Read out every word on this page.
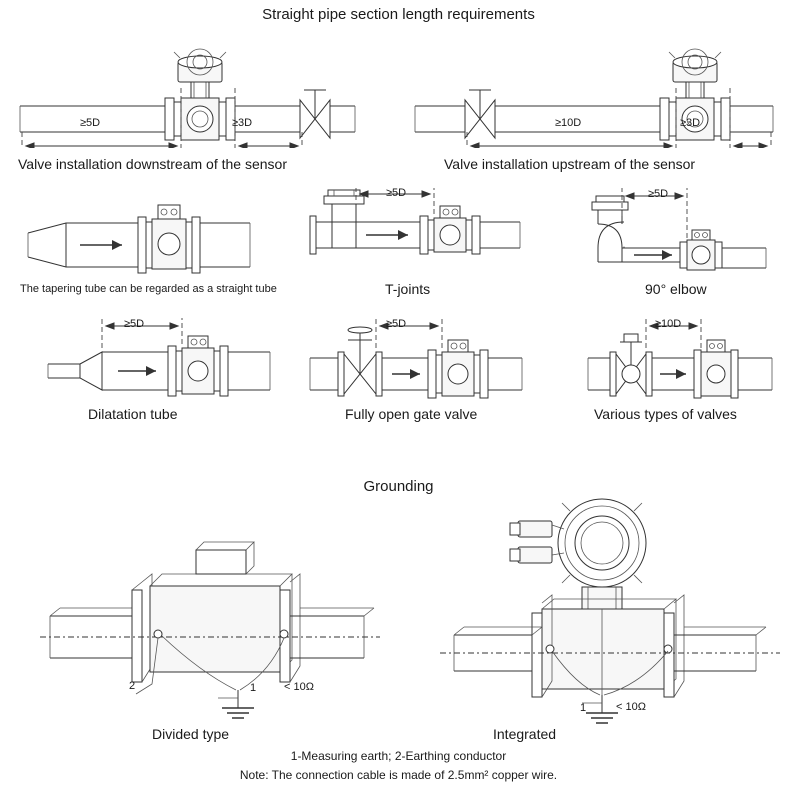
Straight pipe section length requirements
≥5D	≥3D
Valve installation downstream of the sensor
≥10D	≥3D
Valve installation upstream of the sensor
The tapering tube can be regarded as a straight tube
≥5D
T-joints
≥5D
90° elbow
≥5D
Dilatation tube
≥5D
Fully open gate valve
≥10D
Various types of valves
Grounding
2	1	< 10Ω
Divided type
1	< 10Ω
Integrated
1-Measuring earth; 2-Earthing conductor
Note: The connection cable is made of 2.5mm² copper wire.
